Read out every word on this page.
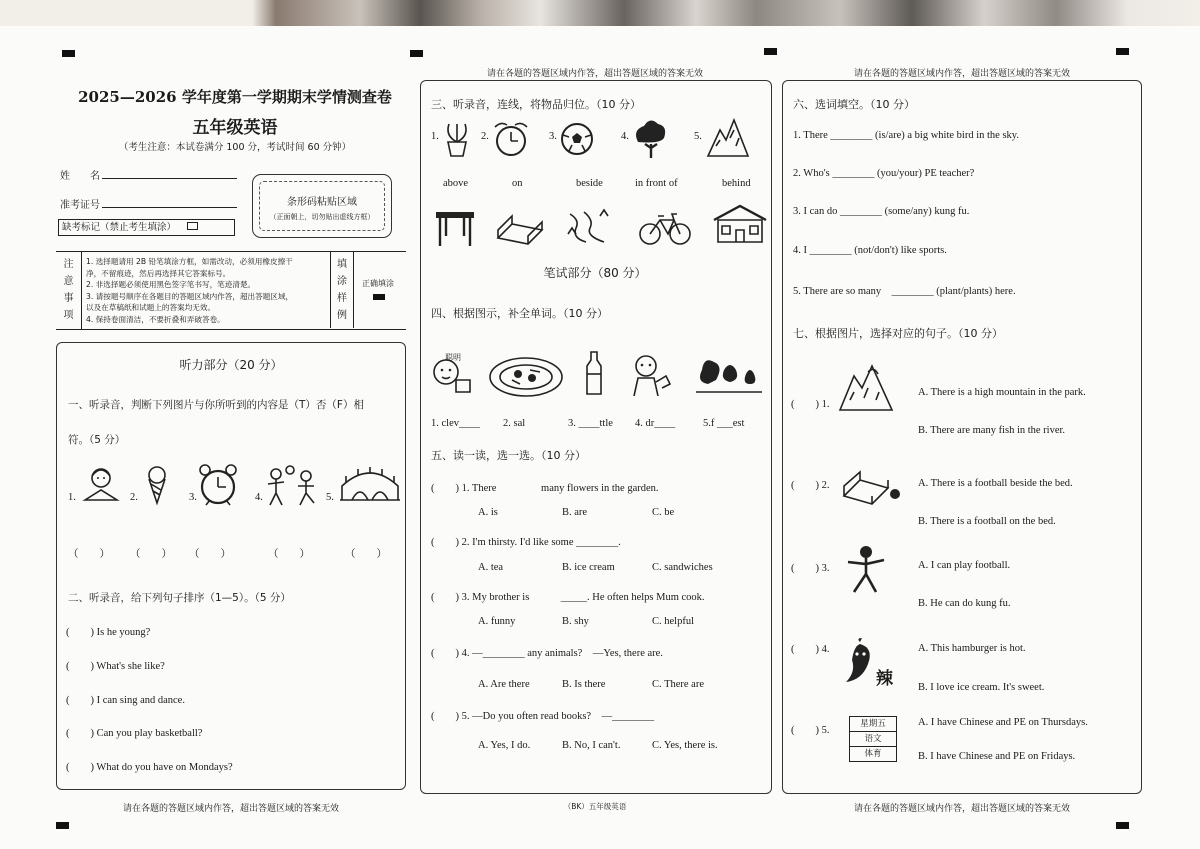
2025—2026 学年度第一学期期末学情测查卷
五年级英语
（考生注意：本试卷满分 100 分，考试时间 60 分钟）
姓　　名
准考证号
缺考标记（禁止考生填涂）
条形码粘贴区域
（正面朝上，切勿贴出虚线方框）
注
意
事
项
1. 选择题请用 2B 铅笔填涂方框，如需改动，必须用橡皮擦干
净，不留痕迹，然后再选择其它答案标号。
2. 非选择题必须使用黑色签字笔书写，笔迹清楚。
3. 请按题号顺序在各题目的答题区域内作答，超出答题区域，
以及在草稿纸和试题上的答案均无效。
4. 保持卷面清洁，不要折叠和弄破答卷。
填
涂
样
例
正确填涂
听力部分（20 分）
一、听录音，判断下列图片与你所听到的内容是（T）否（F）相
符。（5 分）
1.	2.	3.	4.	5.
（　　） （　　） （　　）	（　　）	（　　）
二、听录音，给下列句子排序（1—5）。（5 分）
(　　) Is he young?
(　　) What's she like?
(　　) I can sing and dance.
(　　) Can you play basketball?
(　　) What do you have on Mondays?
请在各题的答题区域内作答，超出答题区域的答案无效
请在各题的答题区域内作答，超出答题区域的答案无效
三、听录音，连线，将物品归位。（10 分）
1.	2.	3.	4.	5.
above	on	beside	in front of	behind
笔试部分（80 分）
四、根据图示，补全单词。（10 分）
聪明
1. clev____ 2. sal	3. ____ttle 4. dr____	5.f ___est
五、读一读，选一选。（10 分）
(　　) 1. There　　　　 many flowers in the garden.
A. is	B. are	C. be
(　　) 2. I'm thirsty. I'd like some ________.
A. tea	B. ice cream	C. sandwiches
(　　) 3. My brother is　　　_____. He often helps Mum cook.
A. funny	B. shy	C. helpful
(　　) 4. —________ any animals?　—Yes, there are.
A. Are there	B. Is there	C. There are
(　　) 5. —Do you often read books?　—________
A. Yes, I do.	B. No, I can't.	C. Yes, there is.
（BK）五年级英语
请在各题的答题区域内作答，超出答题区域的答案无效
六、选词填空。（10 分）
1. There ________ (is/are) a big white bird in the sky.
2. Who's ________ (you/your) PE teacher?
3. I can do ________ (some/any) kung fu.
4. I ________ (not/don't) like sports.
5. There are so many　________ (plant/plants) here.
七、根据图片，选择对应的句子。（10 分）
(　　) 1.
A. There is a high mountain in the park.
B. There are many fish in the river.
(　　) 2.	A. There is a football beside the bed.
B. There is a football on the bed.
(　　) 3.	A. I can play football.
B. He can do kung fu.
(　　) 4.
辣
A. This hamburger is hot.
B. I love ice cream. It's sweet.
(　　) 5.
星期五
语文
体育
A. I have Chinese and PE on Thursdays.
B. I have Chinese and PE on Fridays.
请在各题的答题区域内作答，超出答题区域的答案无效
